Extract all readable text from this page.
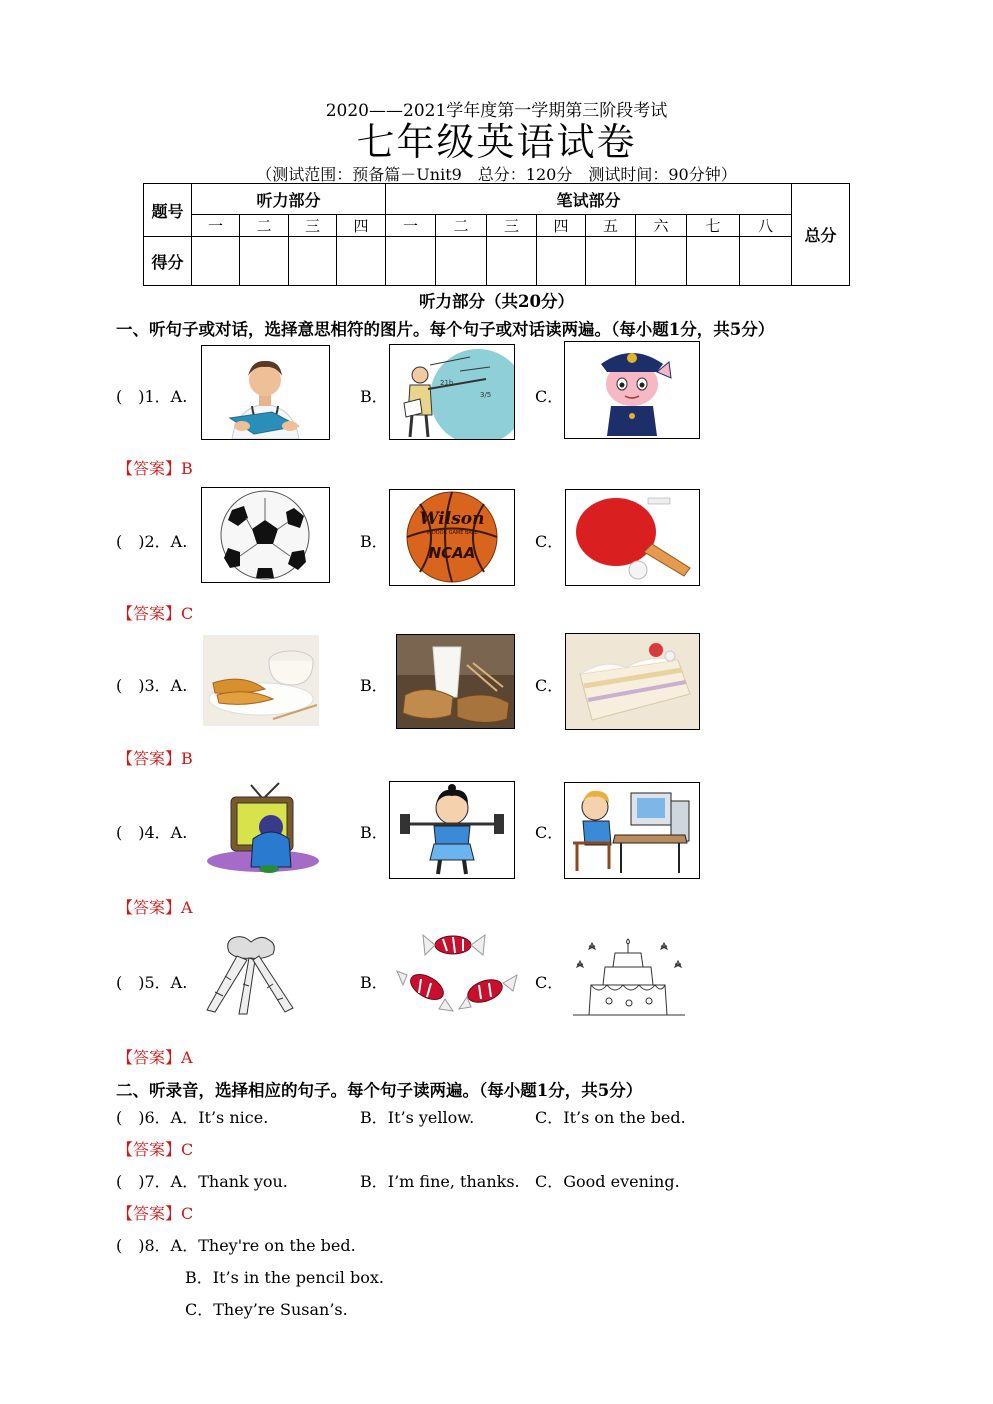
2020——2021学年度第一学期第三阶段考试
七年级英语试卷
（测试范围：预备篇－Unit9　总分：120分　测试时间：90分钟）
题号	听力部分				笔试部分								总分
	一	二	三	四	一	二	三	四	五	六	七	八	
得分													
听力部分（共20分）
一、听句子或对话，选择意思相符的图片。每个句子或对话读两遍。（每小题1分，共5分）
(　)1．A.	B．
21b
3/5	C．
【答案】B
(　)2．A.	B．
Wilson
INDOOR GAME BALL
NCAA
C．
【答案】C
(　)3．A.	B．	C．
【答案】B
(　)4．A.	B．	C．
【答案】A
(　)5．A.	B．	C．
【答案】A
二、听录音，选择相应的句子。每个句子读两遍。（每小题1分，共5分）
(　)6．A．It’s nice.	B．It’s yellow.	C．It’s on the bed.
【答案】C
(　)7．A．Thank you.	B．I’m fine, thanks. C．Good evening.
【答案】C
(　)8．A．They're on the bed.
B．It’s in the pencil box.
C．They’re Susan’s.
